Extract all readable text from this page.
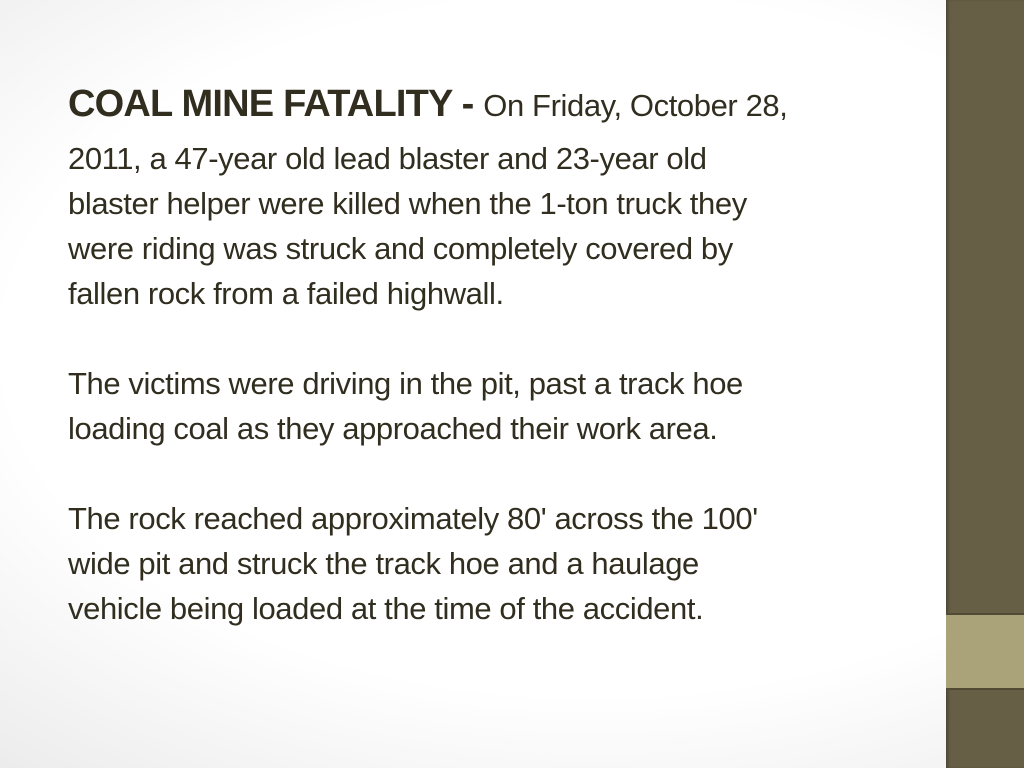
COAL MINE FATALITY - On Friday, October 28,
2011, a 47-year old lead blaster and 23-year old
blaster helper were killed when the 1-ton truck they
were riding was struck and completely covered by
fallen rock from a failed highwall.

The victims were driving in the pit, past a track hoe
loading coal as they approached their work area.

The rock reached approximately 80' across the 100'
wide pit and struck the track hoe and a haulage
vehicle being loaded at the time of the accident.
